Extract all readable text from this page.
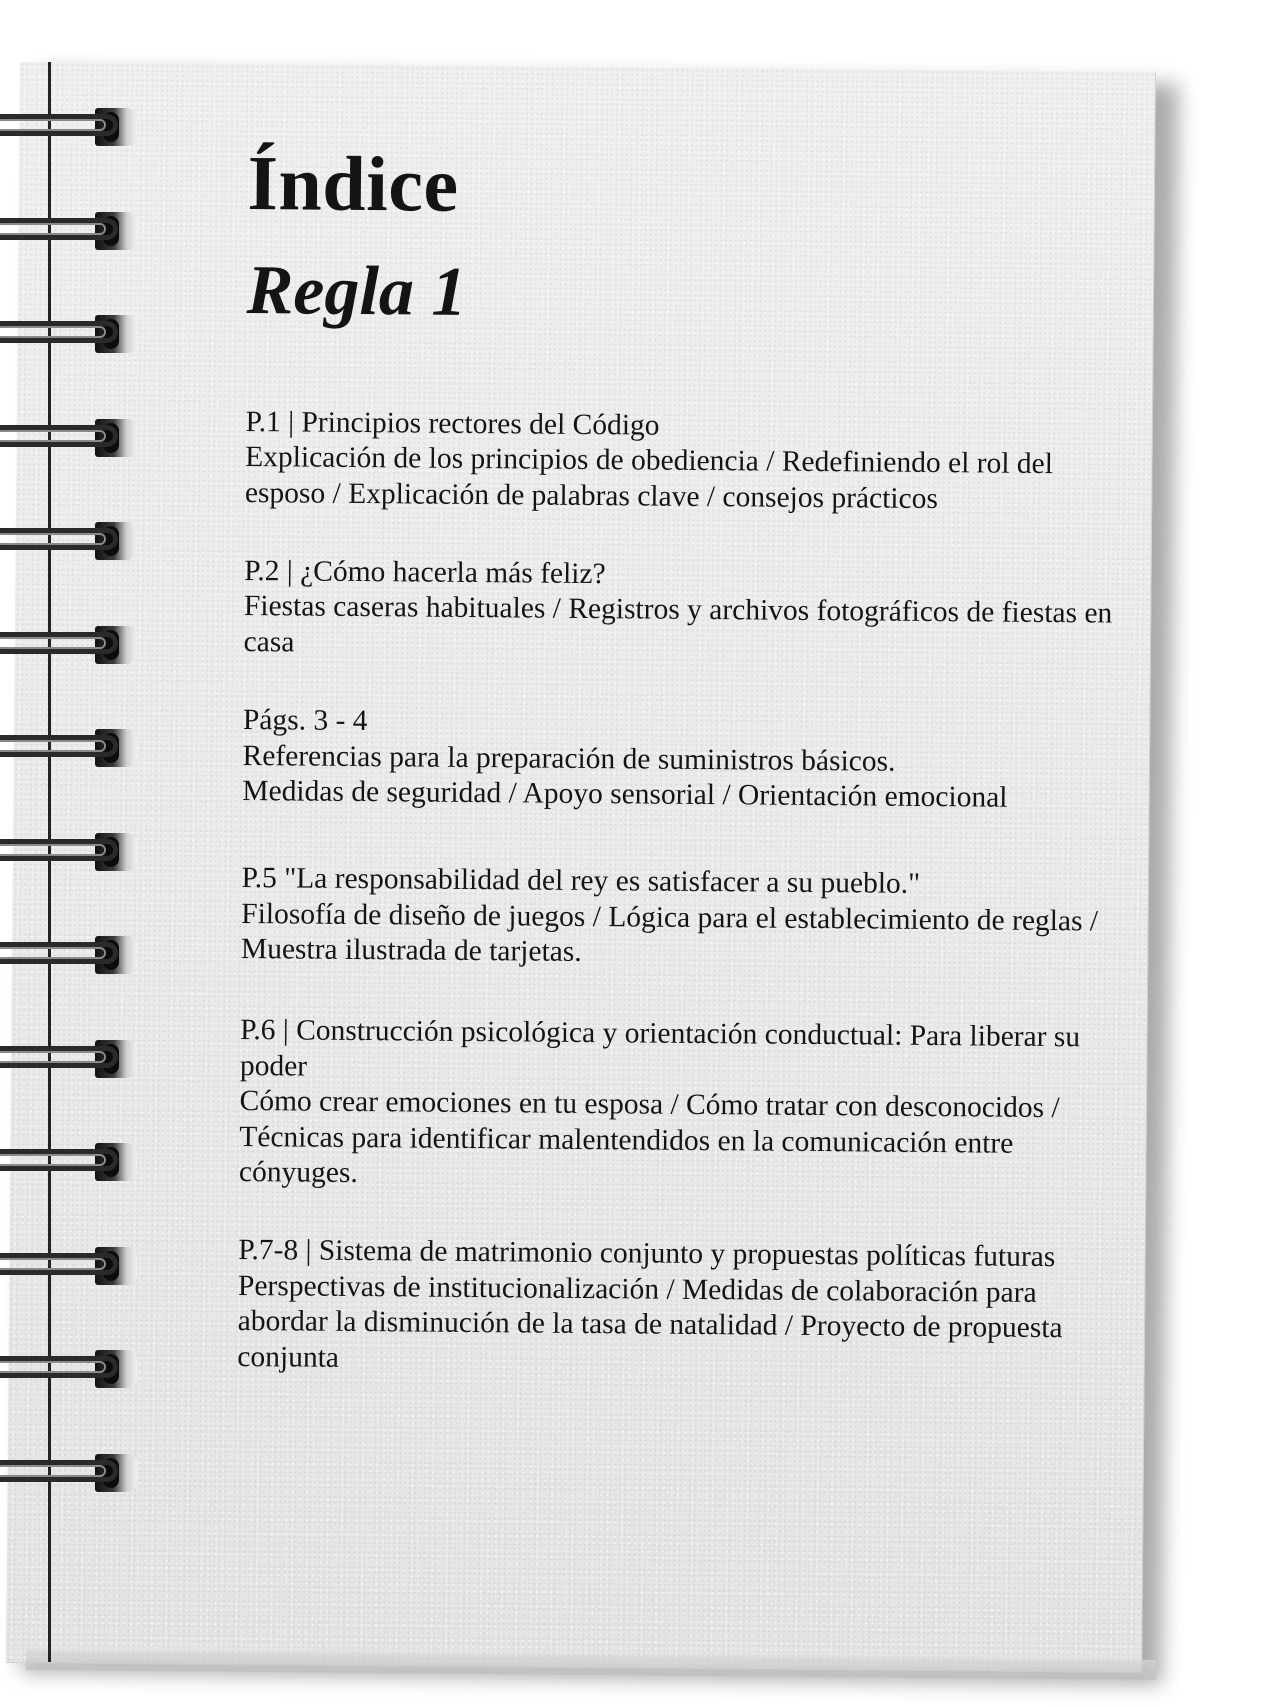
Índice
Regla 1
P.1 | Principios rectores del Código
Explicación de los principios de obediencia / Redefiniendo el rol del esposo / Explicación de palabras clave / consejos prácticos
P.2 | ¿Cómo hacerla más feliz?
Fiestas caseras habituales / Registros y archivos fotográficos de fiestas en casa
Págs. 3 - 4
Referencias para la preparación de suministros básicos.
Medidas de seguridad / Apoyo sensorial / Orientación emocional
P.5 "La responsabilidad del rey es satisfacer a su pueblo."
Filosofía de diseño de juegos / Lógica para el establecimiento de reglas / Muestra ilustrada de tarjetas.
P.6 | Construcción psicológica y orientación conductual: Para liberar su poder
Cómo crear emociones en tu esposa / Cómo tratar con desconocidos / Técnicas para identificar malentendidos en la comunicación entre cónyuges.
P.7-8 | Sistema de matrimonio conjunto y propuestas políticas futuras
Perspectivas de institucionalización / Medidas de colaboración para abordar la disminución de la tasa de natalidad / Proyecto de propuesta conjunta
